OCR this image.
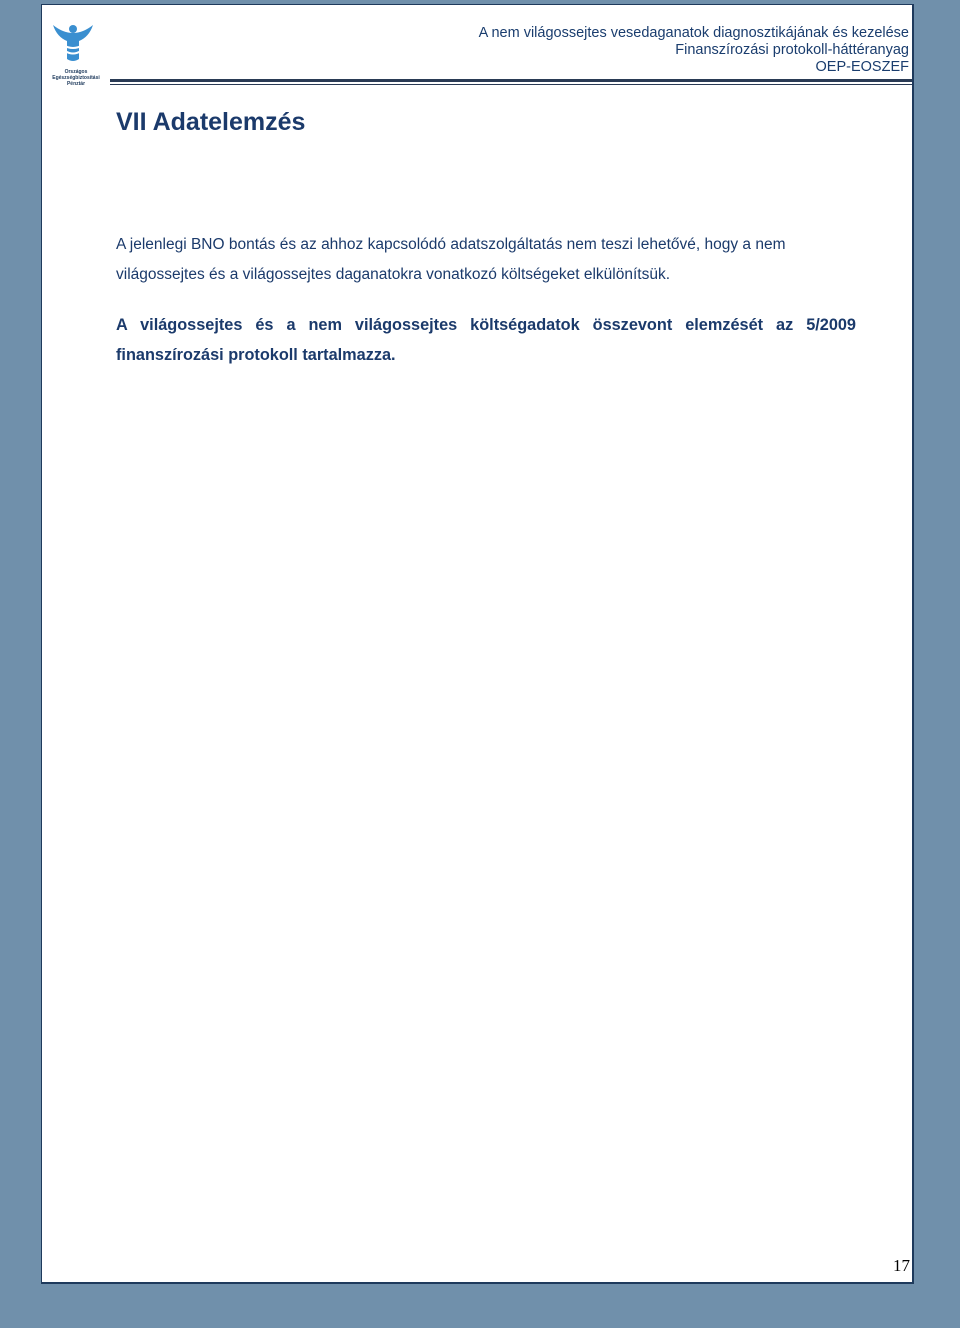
Országos Egészségbiztosítási Pénztár
A nem világossejtes vesedaganatok diagnosztikájának és kezelése
Finanszírozási protokoll-háttéranyag
OEP-EOSZEF
VII Adatelemzés

A jelenlegi BNO bontás és az ahhoz kapcsolódó adatszolgáltatás nem teszi lehetővé, hogy a nem világossejtes és a világossejtes daganatokra vonatkozó költségeket elkülönítsük.

A világossejtes és a nem világossejtes költségadatok összevont elemzését az 5/2009 finanszírozási protokoll tartalmazza.

17
